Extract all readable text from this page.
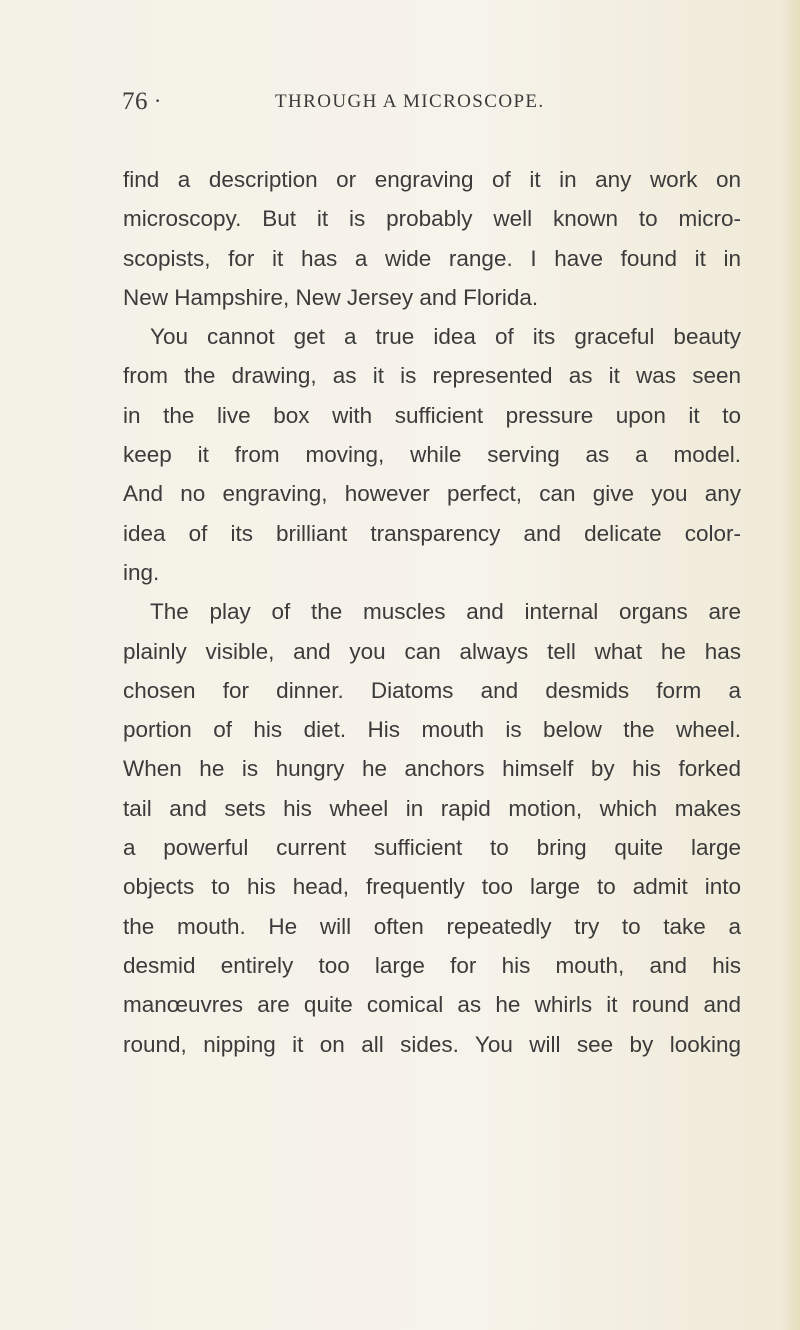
76 ·	THROUGH A MICROSCOPE.
find a description or engraving of it in any work on
microscopy. But it is probably well known to micro-
scopists, for it has a wide range. I have found it in
New Hampshire, New Jersey and Florida.
You cannot get a true idea of its graceful beauty
from the drawing, as it is represented as it was seen
in the live box with sufficient pressure upon it to
keep it from moving, while serving as a model.
And no engraving, however perfect, can give you any
idea of its brilliant transparency and delicate color-
ing.
The play of the muscles and internal organs are
plainly visible, and you can always tell what he has
chosen for dinner. Diatoms and desmids form a
portion of his diet. His mouth is below the wheel.
When he is hungry he anchors himself by his forked
tail and sets his wheel in rapid motion, which makes
a powerful current sufficient to bring quite large
objects to his head, frequently too large to admit into
the mouth. He will often repeatedly try to take a
desmid entirely too large for his mouth, and his
manœuvres are quite comical as he whirls it round and
round, nipping it on all sides. You will see by looking
